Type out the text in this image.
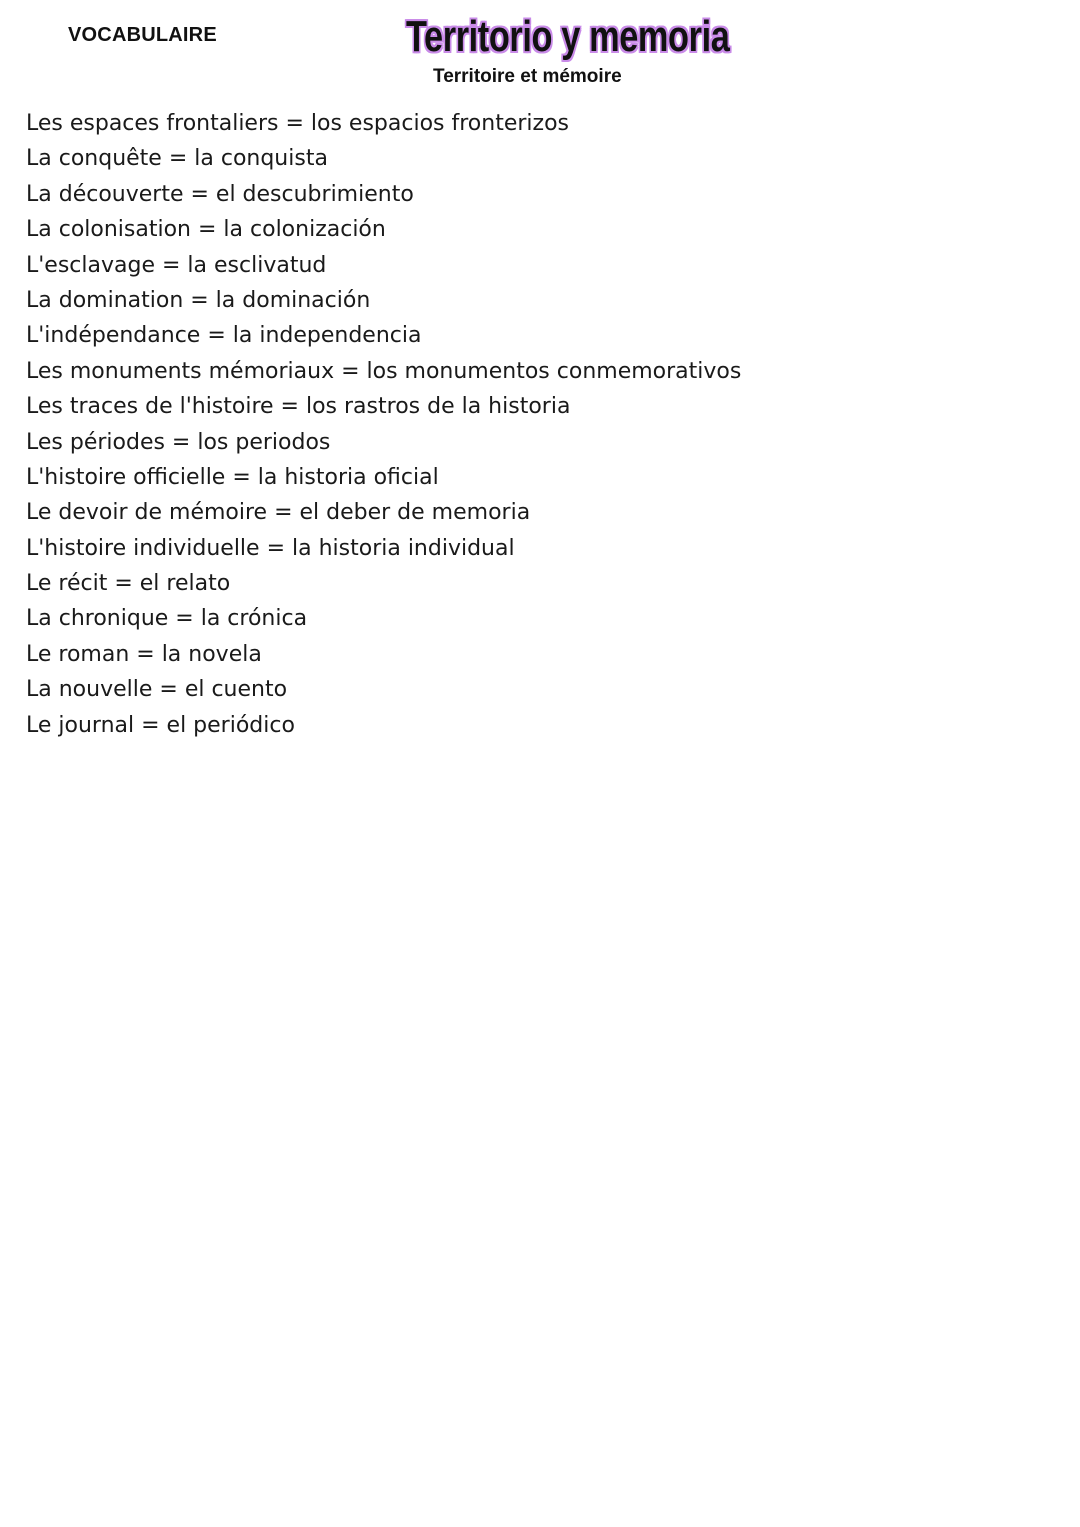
VOCABULAIRE	Territorio y memoria
Territoire et mémoire
Les espaces frontaliers = los espacios fronterizos
La conquête = la conquista
La découverte = el descubrimiento
La colonisation = la colonización
L'esclavage = la esclivatud
La domination = la dominación
L'indépendance = la independencia
Les monuments mémoriaux = los monumentos conmemorativos
Les traces de l'histoire = los rastros de la historia
Les périodes = los periodos
L'histoire officielle = la historia oficial
Le devoir de mémoire = el deber de memoria
L'histoire individuelle = la historia individual
Le récit = el relato
La chronique = la crónica
Le roman = la novela
La nouvelle = el cuento
Le journal = el periódico
